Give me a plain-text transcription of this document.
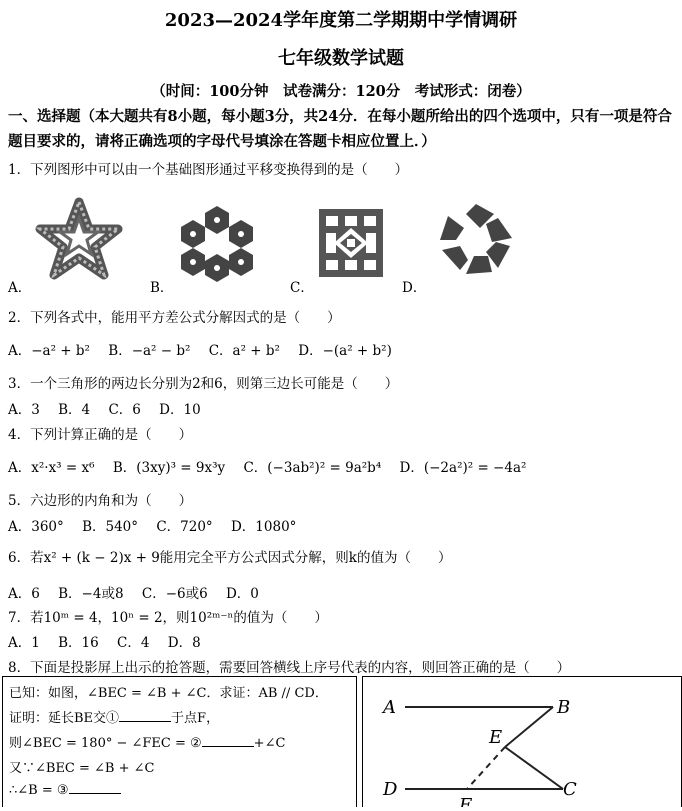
2023—2024学年度第二学期期中学情调研
七年级数学试题
（时间：100分钟　试卷满分：120分　考试形式：闭卷）
一、选择题（本大题共有8小题，每小题3分，共24分．在每小题所给出的四个选项中，只有一项是符合题目要求的，请将正确选项的字母代号填涂在答题卡相应位置上．）
1．下列图形中可以由一个基础图形通过平移变换得到的是（　　）
A．	B．	C．	D．
2．下列各式中，能用平方差公式分解因式的是（　　）
A．−a² + b² B．−a² − b² C．a² + b² D．−(a² + b²)
3．一个三角形的两边长分别为2和6，则第三边长可能是（　　）
A．3 B．4 C．6 D．10
4．下列计算正确的是（　　）
A．x²·x³ = x⁶ B．(3xy)³ = 9x³y C．(−3ab²)² = 9a²b⁴ D．(−2a²)² = −4a²
5．六边形的内角和为（　　）
A．360° B．540° C．720° D．1080°
6．若x² + (k − 2)x + 9能用完全平方公式因式分解，则k的值为（　　）
A．6 B．−4或8 C．−6或6 D．0
7．若10ᵐ = 4，10ⁿ = 2，则10²ᵐ⁻ⁿ的值为（　　）
A．1 B．16 C．4 D．8
8．下面是投影屏上出示的抢答题，需要回答横线上序号代表的内容，则回答正确的是（　　）
已知：如图，∠BEC = ∠B + ∠C．求证：AB // CD．
证明：延长BE交①	于点F，
则∠BEC = 180° − ∠FEC = ②	+∠C
又∵∠BEC = ∠B + ∠C
∴∠B = ③
A	B
E
D	C
F
